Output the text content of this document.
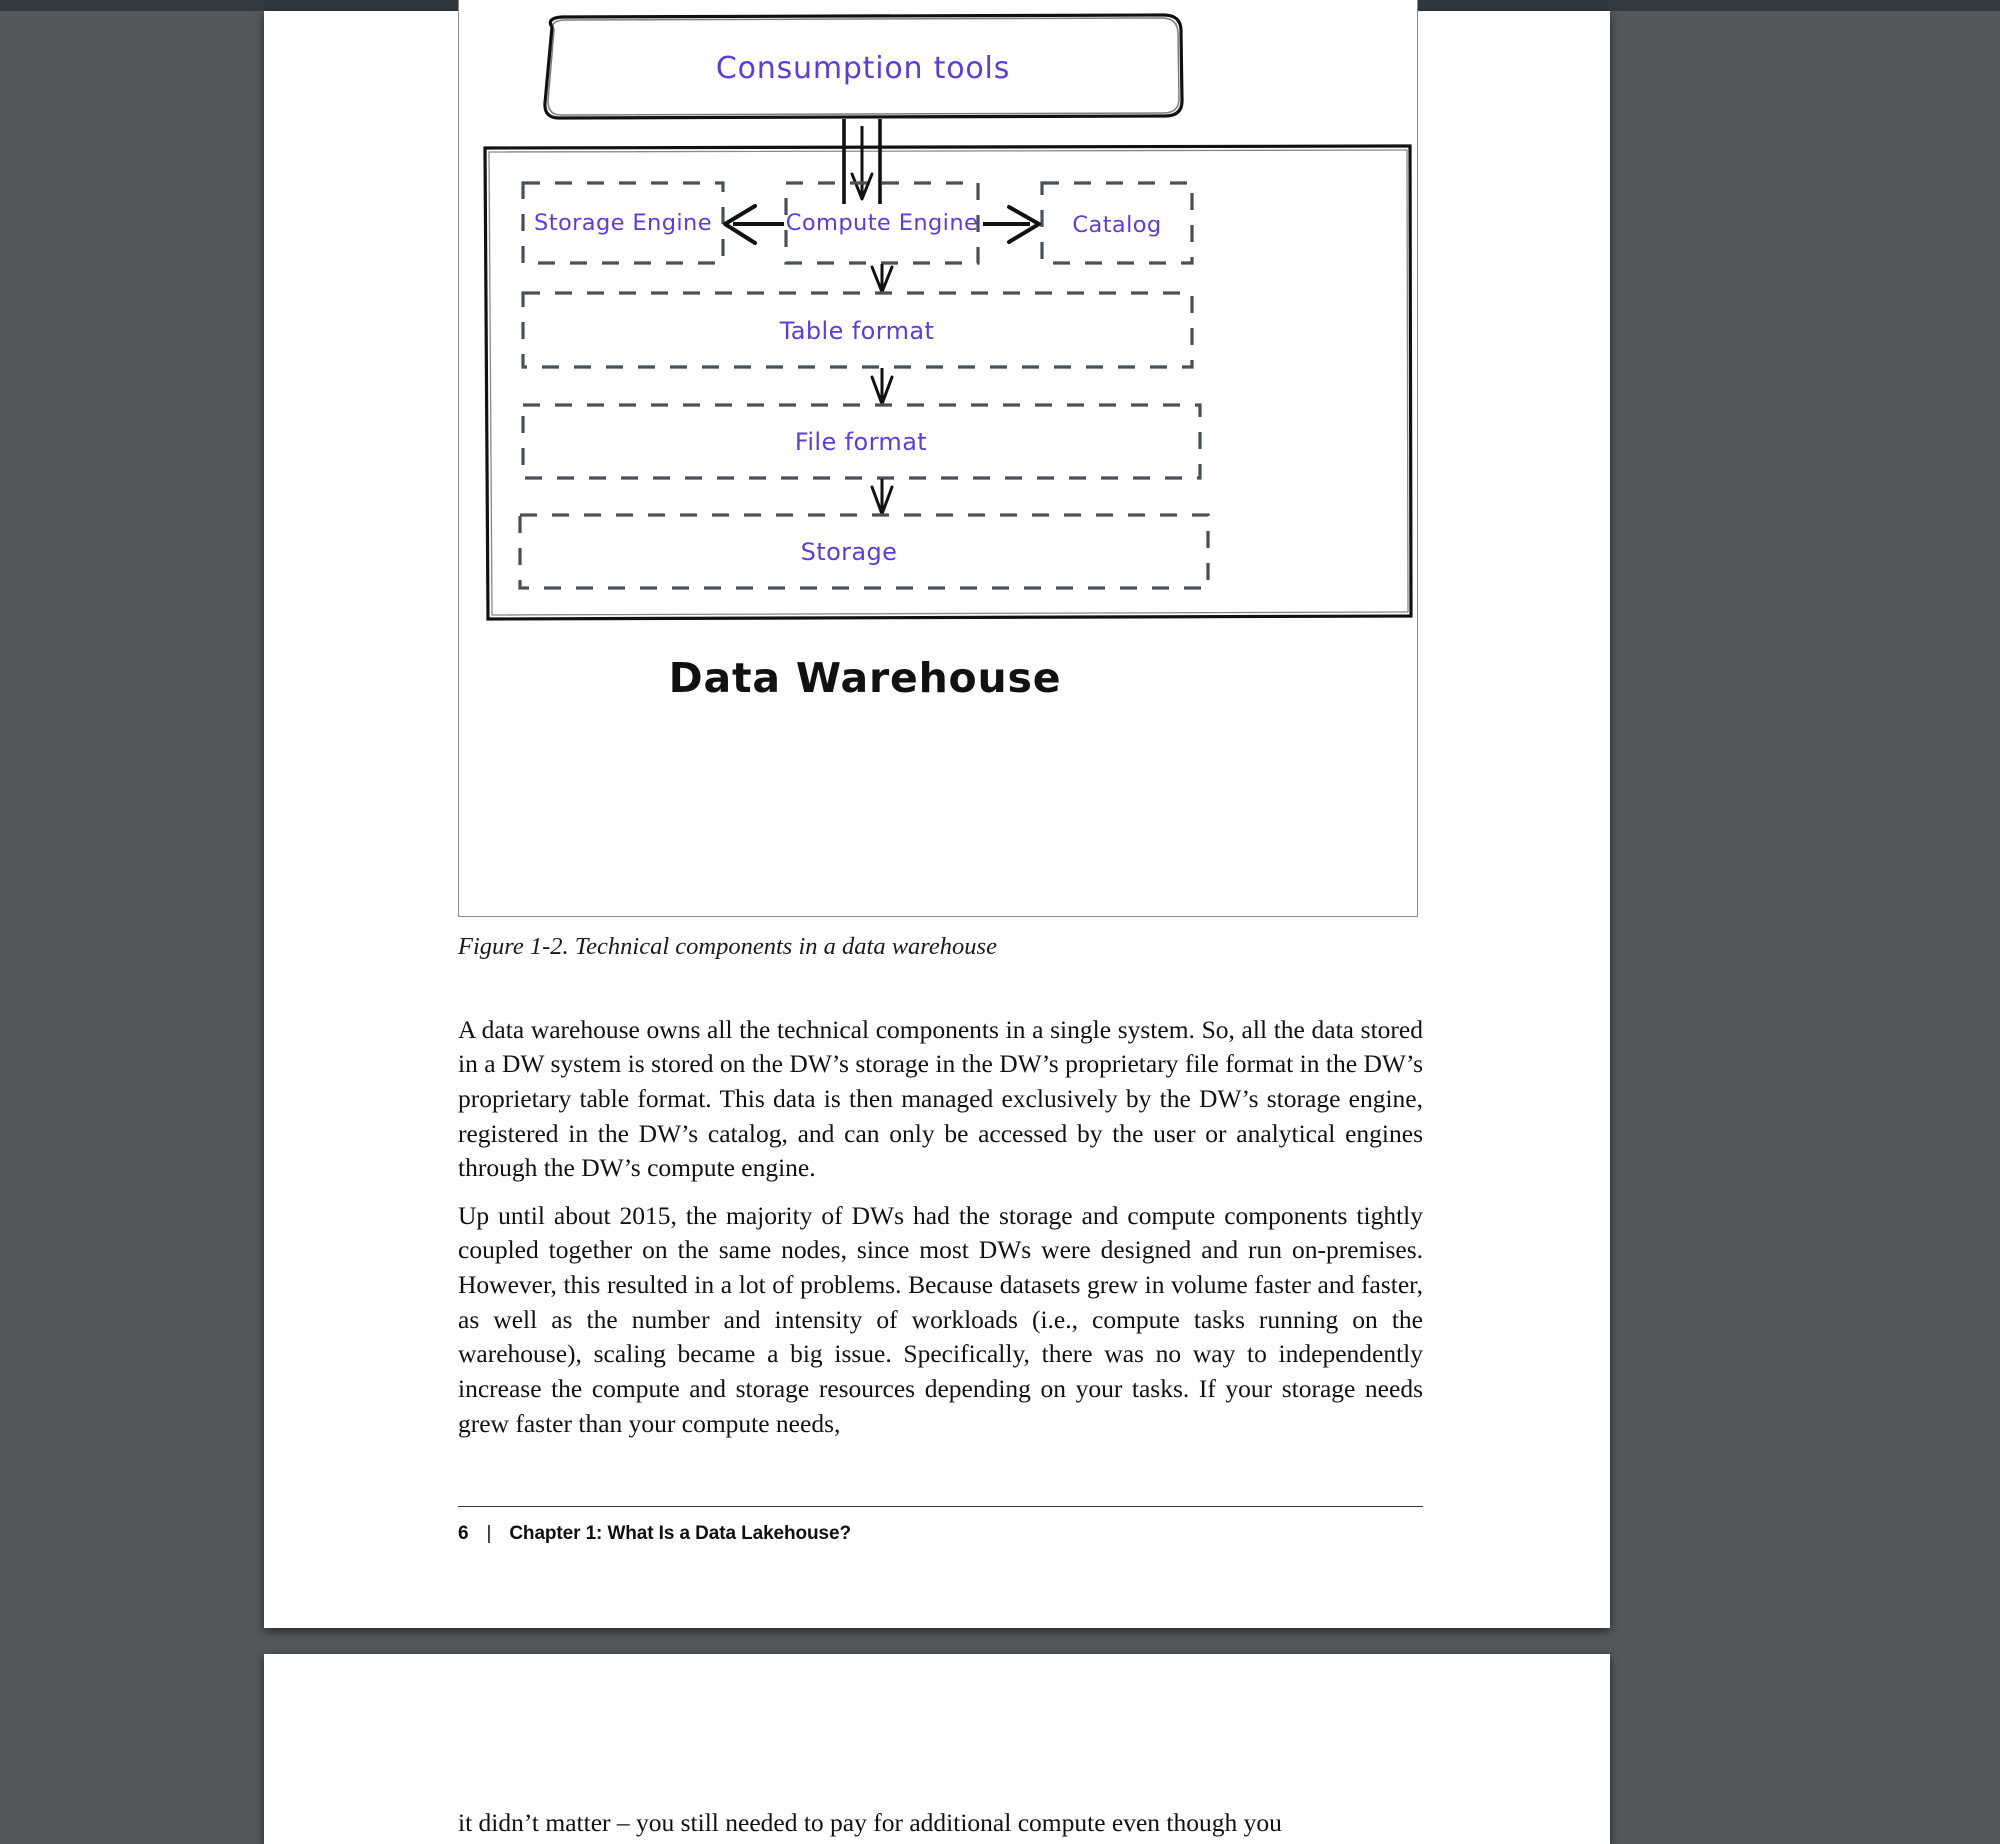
Consumption tools
Storage Engine	Compute Engine	Catalog
Table format
File format
Storage
Data Warehouse
Figure 1-2. Technical components in a data warehouse

A data warehouse owns all the technical components in a single system. So, all the data stored in a DW system is stored on the DW’s storage in the DW’s proprietary file format in the DW’s proprietary table format. This data is then managed exclusively by the DW’s storage engine, registered in the DW’s catalog, and can only be accessed by the user or analytical engines through the DW’s compute engine.

Up until about 2015, the majority of DWs had the storage and compute components tightly coupled together on the same nodes, since most DWs were designed and run on-premises. However, this resulted in a lot of problems. Because datasets grew in volume faster and faster, as well as the number and intensity of workloads (i.e., compute tasks running on the warehouse), scaling became a big issue. Specifically, there was no way to independently increase the compute and storage resources depending on your tasks. If your storage needs grew faster than your compute needs,

6 | Chapter 1: What Is a Data Lakehouse?

it didn’t matter – you still needed to pay for additional compute even though you
